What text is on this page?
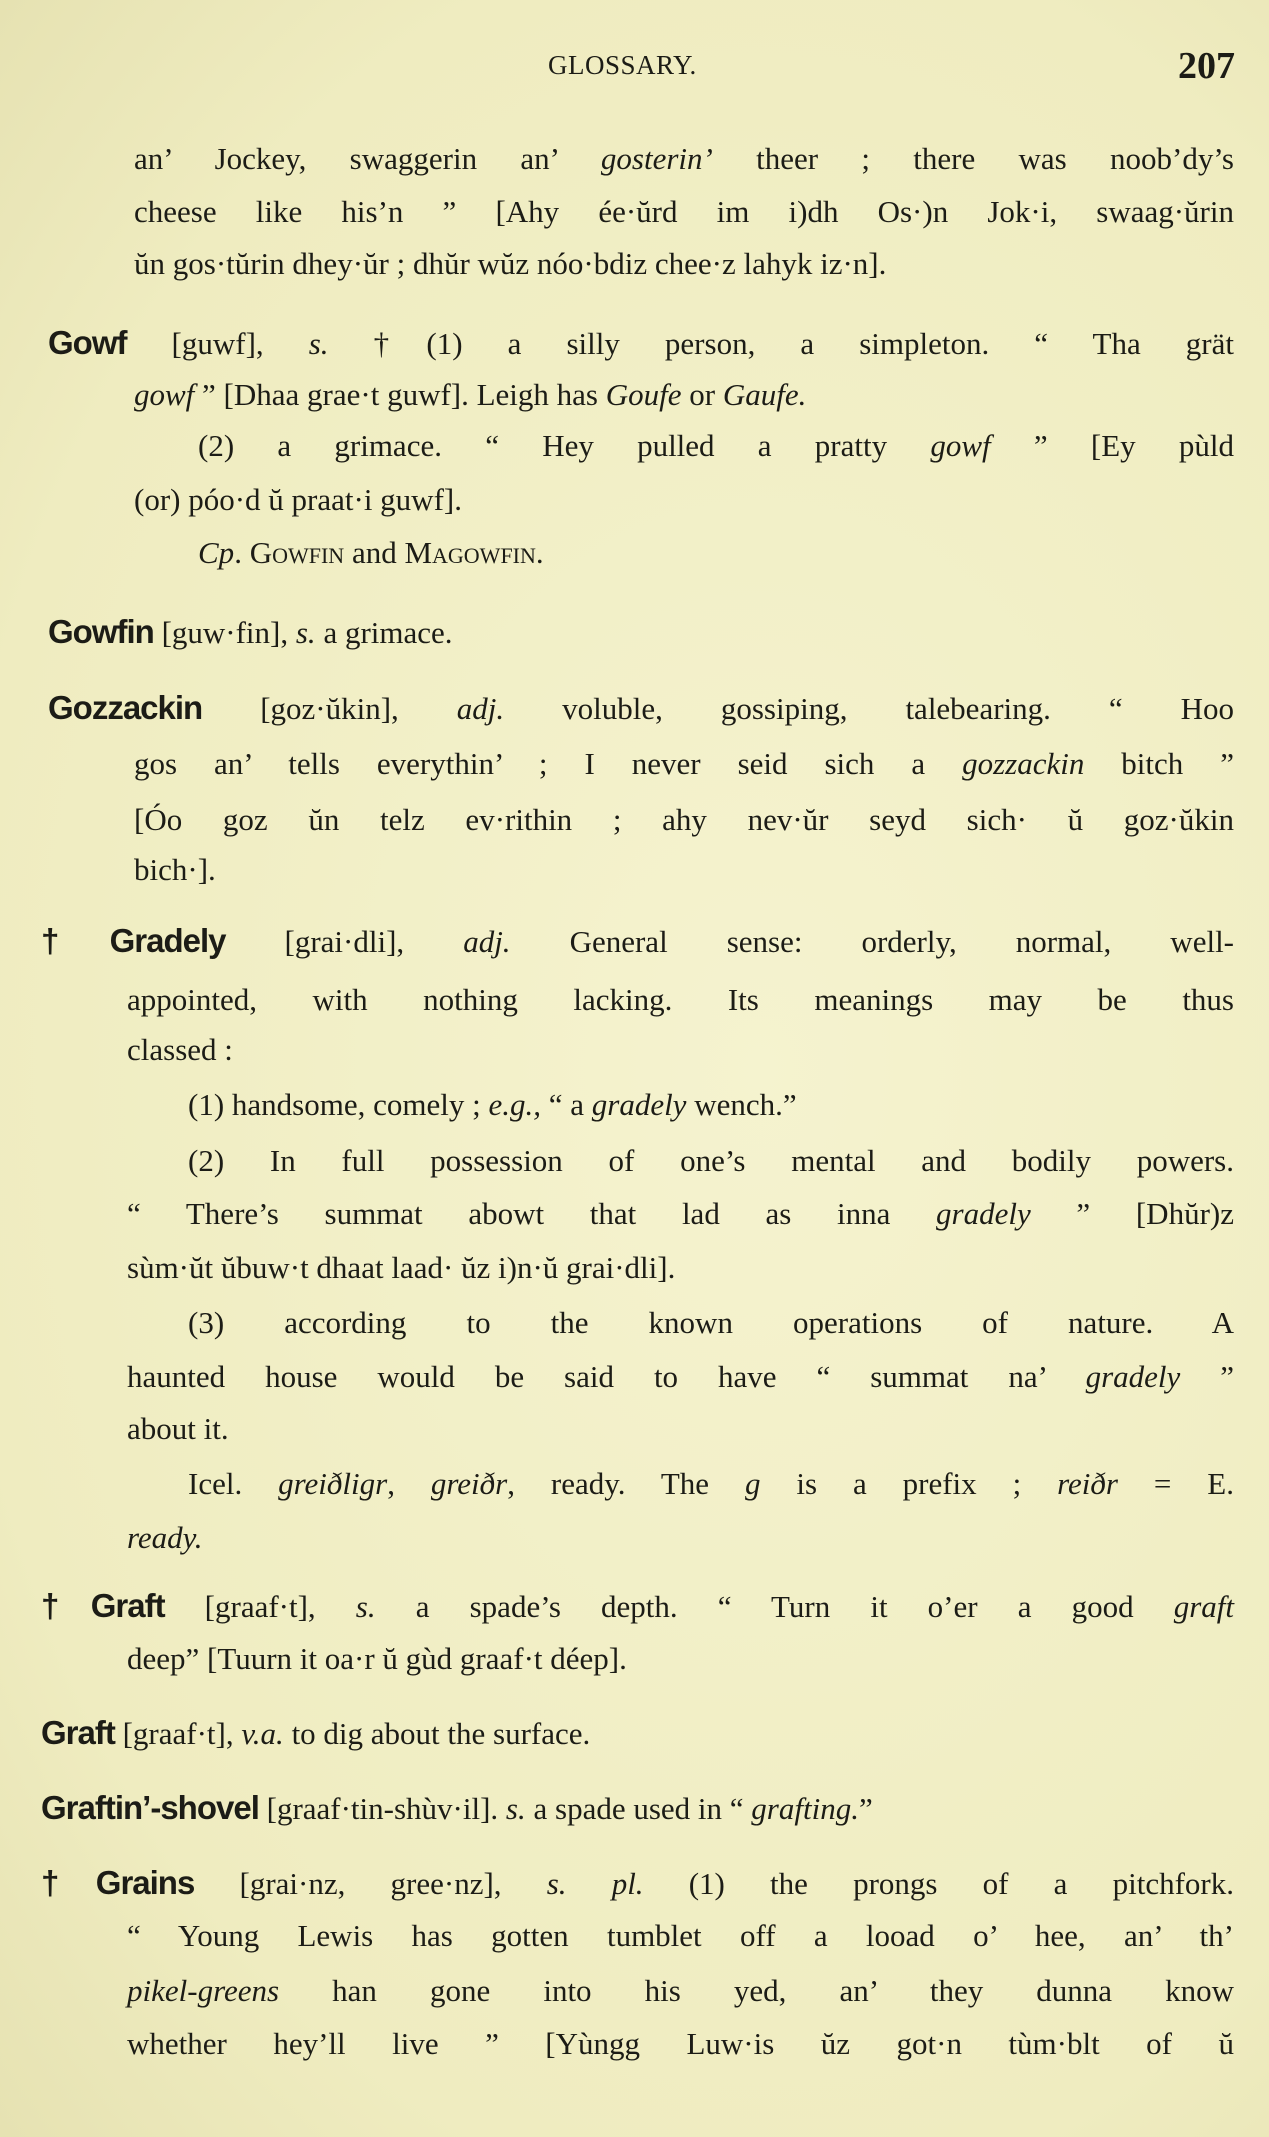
GLOSSARY.	207
an’ Jockey, swaggerin an’ gosterin’ theer ; there was noob’dy’s
cheese like his’n ” [Ahy ée·ŭrd im i)dh Os·)n Jok·i, swaag·ŭrin
ŭn gos·tŭrin dhey·ŭr ; dhŭr wŭz nóo·bdiz chee·z lahyk iz·n].
Gowf [guwf], s. †(1) a silly person, a simpleton. “ Tha grät
gowf ” [Dhaa grae·t guwf]. Leigh has Goufe or Gaufe.
(2) a grimace. “ Hey pulled a pratty gowf ” [Ey pùld
(or) póo·d ŭ praat·i guwf].
Cp. Gowfin and Magowfin.
Gowfin [guw·fin], s. a grimace.
Gozzackin [goz·ŭkin], adj. voluble, gossiping, talebearing. “ Hoo
gos an’ tells everythin’ ; I never seid sich a gozzackin bitch ”
[Óo goz ŭn telz ev·rithin ; ahy nev·ŭr seyd sich· ŭ goz·ŭkin
bich·].
†Gradely [grai·dli], adj. General sense: orderly, normal, well-
appointed, with nothing lacking. Its meanings may be thus
classed :
(1) handsome, comely ; e.g., “ a gradely wench.”
(2) In full possession of one’s mental and bodily powers.
“ There’s summat abowt that lad as inna gradely ” [Dhŭr)z
sùm·ŭt ŭbuw·t dhaat laad· ŭz i)n·ŭ grai·dli].
(3) according to the known operations of nature. A
haunted house would be said to have “ summat na’ gradely ”
about it.
Icel. greiðligr, greiðr, ready. The g is a prefix ; reiðr = E.
ready.
†Graft [graaf·t], s. a spade’s depth. “ Turn it o’er a good graft
deep” [Tuurn it oa·r ŭ gùd graaf·t déep].
Graft [graaf·t], v.a. to dig about the surface.
Graftin’-shovel [graaf·tin-shùv·il]. s. a spade used in “ grafting.”
†Grains [grai·nz, gree·nz], s. pl. (1) the prongs of a pitchfork.
“ Young Lewis has gotten tumblet off a looad o’ hee, an’ th’
pikel-greens han gone into his yed, an’ they dunna know
whether hey’ll live ” [Yùngg Luw·is ŭz got·n tùm·blt of ŭ
